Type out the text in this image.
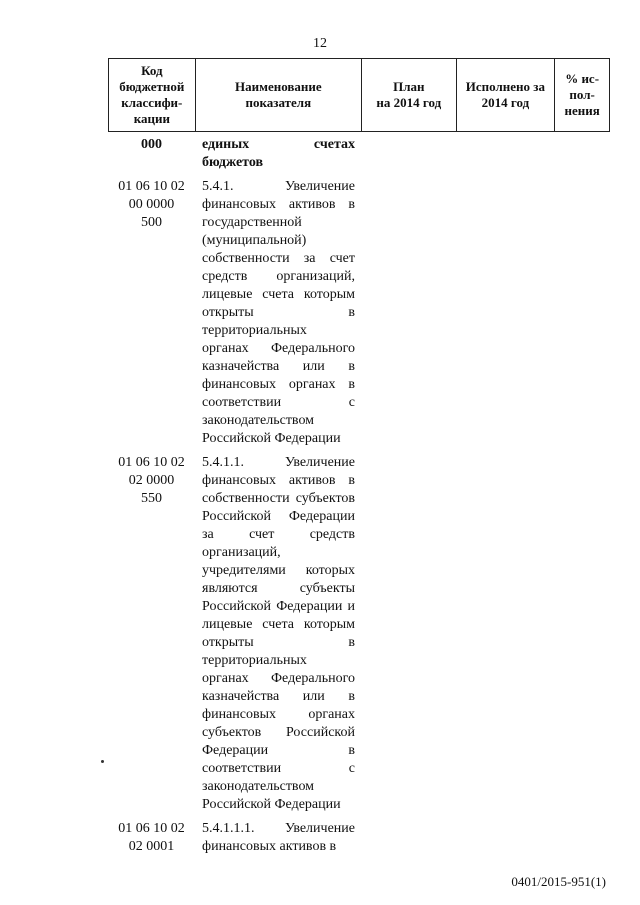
12
Код
бюджетной
классифи-
кации
Наименование
показателя
План
на 2014 год
Исполнено за
2014 год
% ис-
пол-
нения
000	единых счетах бюджетов
01 06 10 02
00 0000
500
5.4.1. Увеличение финансовых активов в государственной (муниципальной) собственности за счет средств организаций, лицевые счета которым открыты в территориальных органах Федерального казначейства или в финансовых органах в соответствии с законодательством Российской Федерации
01 06 10 02
02 0000
550
5.4.1.1. Увеличение финансовых активов в собственности субъектов Российской Федерации за счет средств организаций, учредителями которых являются субъекты Российской Федерации и лицевые счета которым открыты в территориальных органах Федерального казначейства или в финансовых органах субъектов Российской Федерации в соответствии с законодательством Российской Федерации
01 06 10 02
02 0001
5.4.1.1.1. Увеличение финансовых активов в
0401/2015-951(1)
